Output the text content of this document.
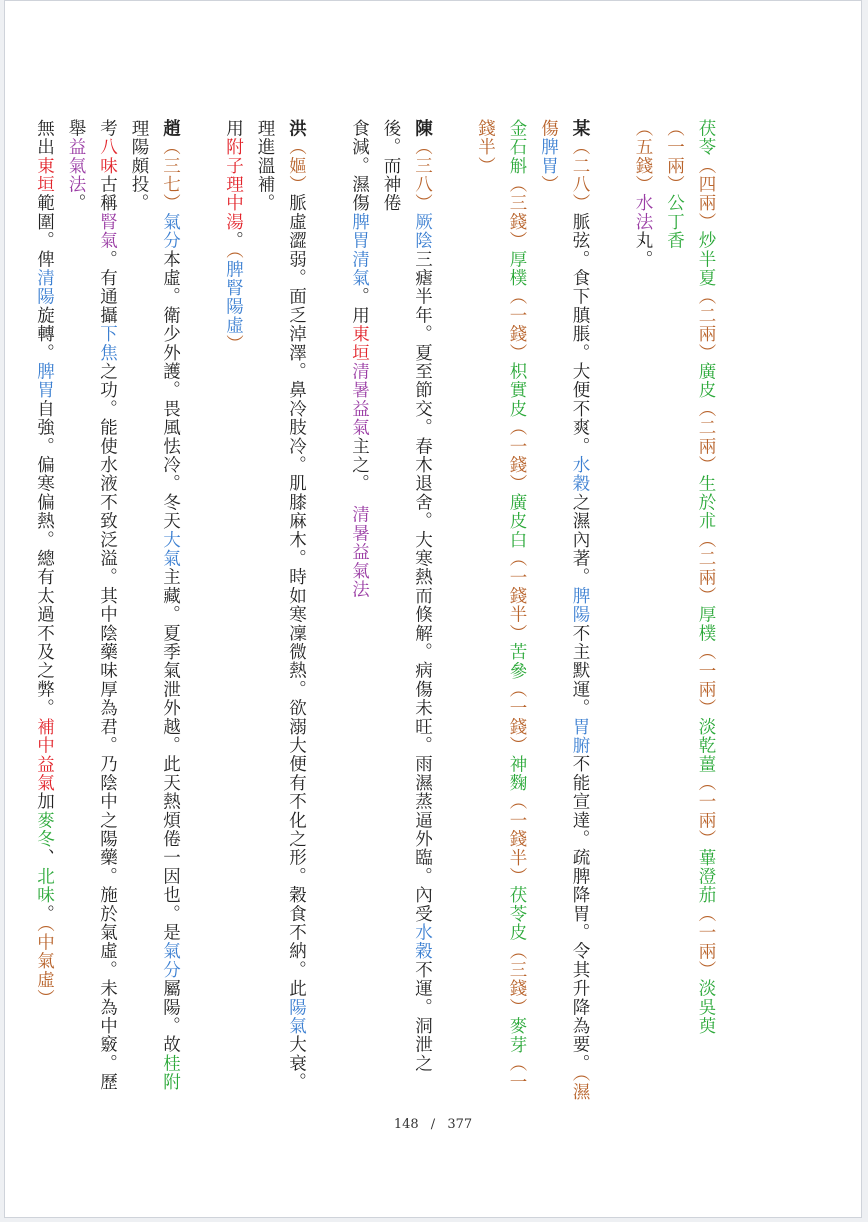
茯苓（四兩）炒半夏（二兩）廣皮（二兩）生於朮（二兩）厚樸（一兩）淡乾薑（一兩）蓽澄茄（一兩）淡吳萸（一兩）公丁香
（五錢）水法丸。
某（二八）脈弦。食下䐜脹。大便不爽。水穀之濕內著。脾陽不主默運。胃腑不能宣達。疏脾降胃。令其升降為要。（濕傷脾胃）
金石斛（三錢）厚樸（一錢）枳實皮（一錢）廣皮白（一錢半）苦參（一錢）神麴（一錢半）茯苓皮（三錢）麥芽（一錢半）
陳（三八）厥陰三瘧半年。夏至節交。春木退舍。大寒熱而倏解。病傷未旺。雨濕蒸逼外臨。內受水穀不運。洞泄之後。而神倦
食減。濕傷脾胃清氣。用東垣清暑益氣主之。清暑益氣法
洪（嫗）脈虛澀弱。面乏淖澤。鼻冷肢冷。肌膝麻木。時如寒凜微熱。欲溺大便有不化之形。穀食不納。此陽氣大衰。理進溫補。
用附子理中湯。（脾腎陽虛）
趙（三七）氣分本虛。衛少外護。畏風怯冷。冬天大氣主藏。夏季氣泄外越。此天熱煩倦一因也。是氣分屬陽。故桂附理陽頗投。
考八味古稱腎氣。有通攝下焦之功。能使水液不致泛溢。其中陰藥味厚為君。乃陰中之陽藥。施於氣虛。未為中竅。歷舉益氣法。
無出東垣範圍。俾清陽旋轉。脾胃自強。偏寒偏熱。總有太過不及之弊。補中益氣加麥冬、北味。（中氣虛）
148 / 377
